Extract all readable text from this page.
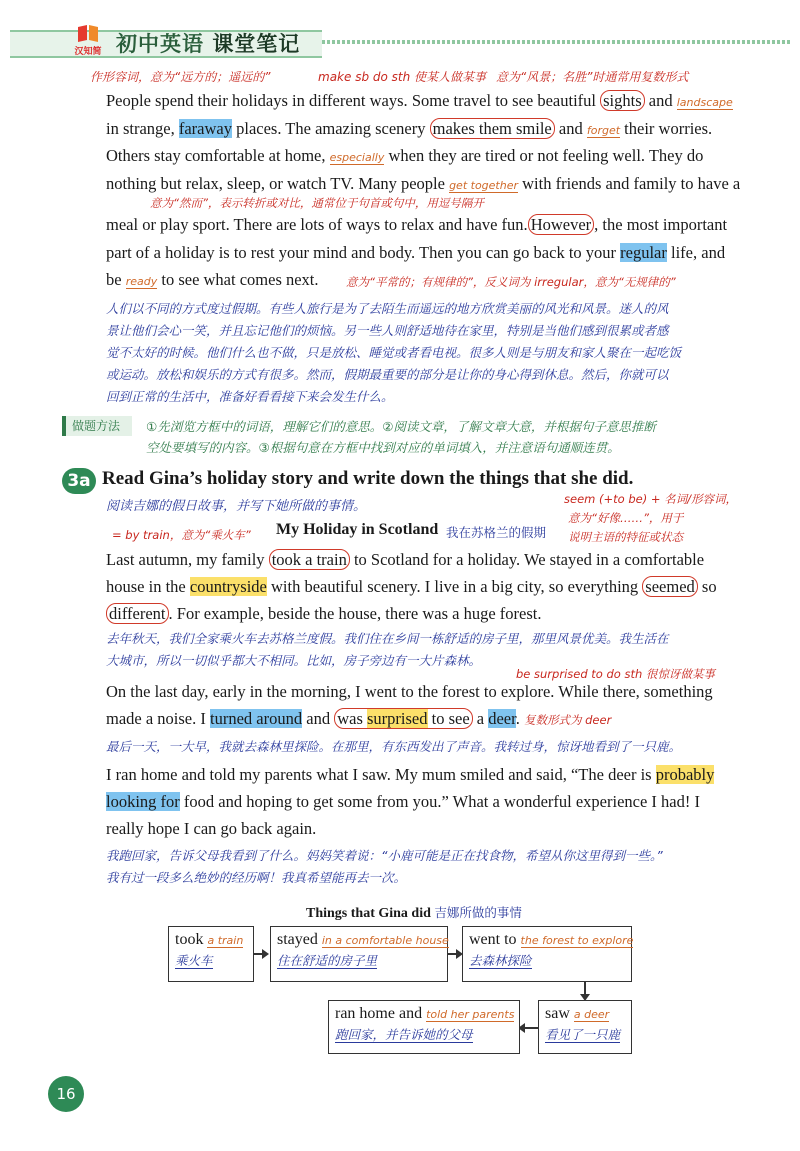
汉知简 初中英语 课堂笔记
作形容词，意为“远方的；遥远的”	make sb do sth 使某人做某事 意为“风景；名胜”时通常用复数形式
People spend their holidays in different ways. Some travel to see beautiful sights and landscape
in strange, faraway places. The amazing scenery makes them smile and forget their worries.
Others stay comfortable at home, especially when they are tired or not feeling well. They do
nothing but relax, sleep, or watch TV. Many people get together with friends and family to have a
意为“然而”，表示转折或对比，通常位于句首或句中，用逗号隔开
meal or play sport. There are lots of ways to relax and have fun. However , the most important
part of a holiday is to rest your mind and body. Then you can go back to your regular life, and
be ready to see what comes next. 意为“平常的；有规律的”，反义词为 irregular，意为“无规律的”
人们以不同的方式度过假期。有些人旅行是为了去陌生而遥远的地方欣赏美丽的风光和风景。迷人的风
景让他们会心一笑，并且忘记他们的烦恼。另一些人则舒适地待在家里，特别是当他们感到很累或者感
觉不太好的时候。他们什么也不做，只是放松、睡觉或者看电视。很多人则是与朋友和家人聚在一起吃饭
或运动。放松和娱乐的方式有很多。然而，假期最重要的部分是让你的身心得到休息。然后，你就可以
回到正常的生活中，准备好看看接下来会发生什么。
做题方法	①先浏览方框中的词语，理解它们的意思。②阅读文章，了解文章大意，并根据句子意思推断
空处要填写的内容。③根据句意在方框中找到对应的单词填入，并注意语句通顺连贯。
3a Read Gina’s holiday story and write down the things that she did.
阅读吉娜的假日故事，并写下她所做的事情。	seem (+to be) + 名词/形容词，
意为“好像……”，用于
说明主语的特征或状态
= by train，意为“乘火车” My Holiday in Scotland 我在苏格兰的假期
Last autumn, my family took a train to Scotland for a holiday. We stayed in a comfortable
house in the countryside with beautiful scenery. I live in a big city, so everything seemed so
different . For example, beside the house, there was a huge forest.
去年秋天，我们全家乘火车去苏格兰度假。我们住在乡间一栋舒适的房子里，那里风景优美。我生活在
大城市，所以一切似乎都大不相同。比如，房子旁边有一大片森林。
be surprised to do sth 很惊讶做某事
On the last day, early in the morning, I went to the forest to explore. While there, something
made a noise. I turned around and was surprised to see a deer. 复数形式为 deer
最后一天，一大早，我就去森林里探险。在那里，有东西发出了声音。我转过身，惊讶地看到了一只鹿。
I ran home and told my parents what I saw. My mum smiled and said, “The deer is probably
looking for food and hoping to get some from you.” What a wonderful experience I had! I
really hope I can go back again.
我跑回家，告诉父母我看到了什么。妈妈笑着说：“小鹿可能是正在找食物，希望从你这里得到一些。”
我有过一段多么绝妙的经历啊！我真希望能再去一次。
Things that Gina did 吉娜所做的事情
took a train
乘火车
stayed in a comfortable house
住在舒适的房子里
went to the forest to explore
去森林探险
saw a deer
看见了一只鹿
ran home and told her parents
跑回家，并告诉她的父母
16
